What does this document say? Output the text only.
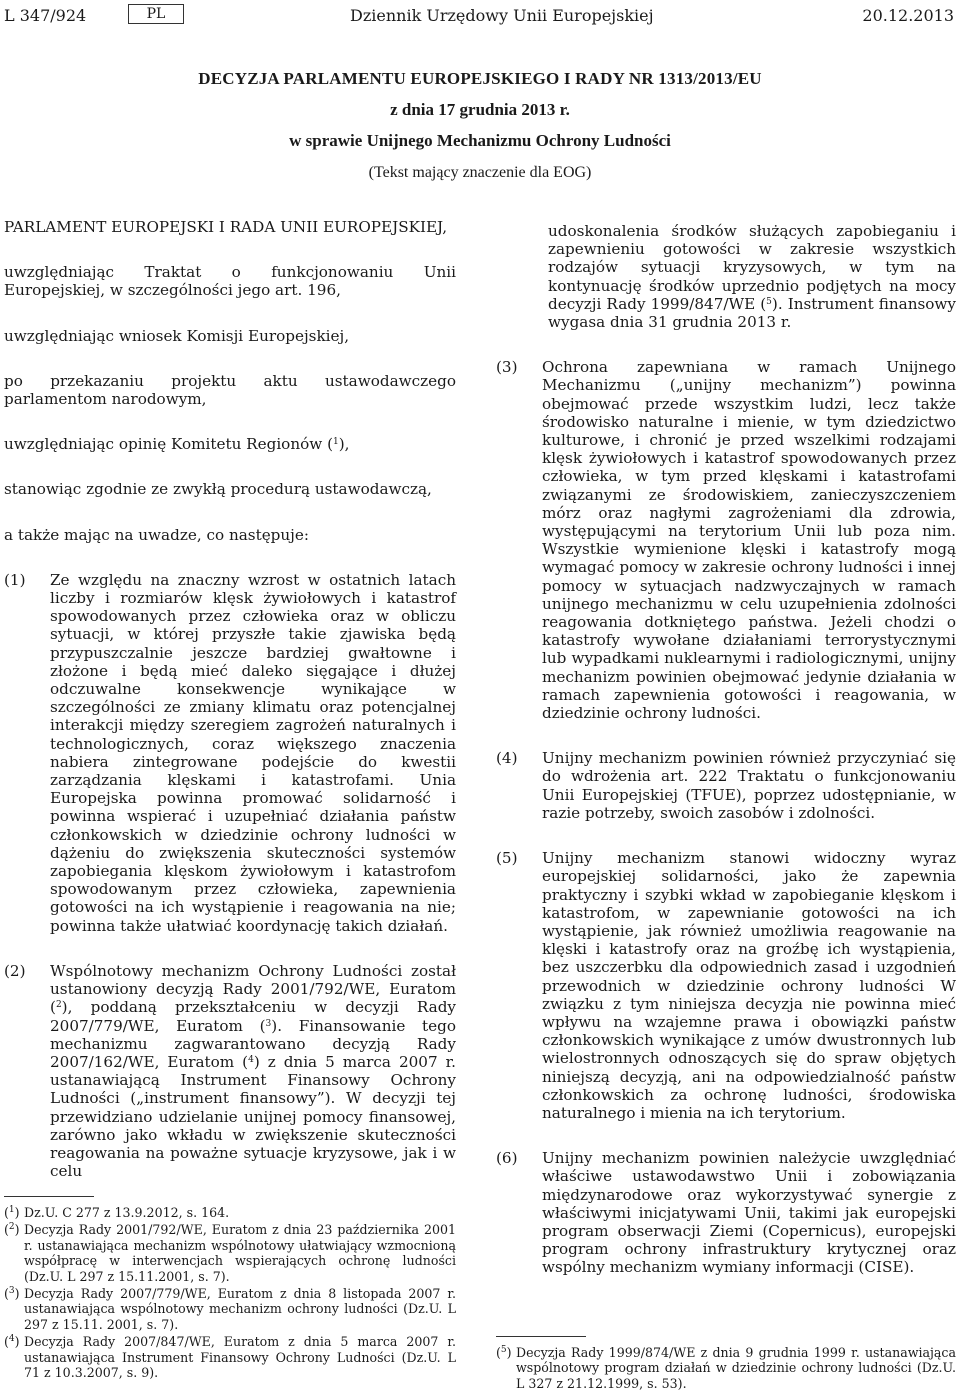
L 347/924	PL	Dziennik Urzędowy Unii Europejskiej	20.12.2013
DECYZJA PARLAMENTU EUROPEJSKIEGO I RADY NR 1313/2013/EU
z dnia 17 grudnia 2013 r.
w sprawie Unijnego Mechanizmu Ochrony Ludności
(Tekst mający znaczenie dla EOG)

PARLAMENT EUROPEJSKI I RADA UNII EUROPEJSKIEJ,

uwzględniając Traktat o funkcjonowaniu Unii Europejskiej, w szczególności jego art. 196,

uwzględniając wniosek Komisji Europejskiej,

po przekazaniu projektu aktu ustawodawczego parlamentom narodowym,

uwzględniając opinię Komitetu Regionów ($^1$),

stanowiąc zgodnie ze zwykłą procedurą ustawodawczą,

a także mając na uwadze, co następuje:

(1)	Ze względu na znaczny wzrost w ostatnich latach liczby i rozmiarów klęsk żywiołowych i katastrof spowodowanych przez człowieka oraz w obliczu sytuacji, w której przyszłe takie zjawiska będą przypuszczalnie jeszcze bardziej gwałtowne i złożone i będą mieć daleko sięgające i dłużej odczuwalne konsekwencje wynikające w szczególności ze zmiany klimatu oraz potencjalnej interakcji między szeregiem zagrożeń naturalnych i technologicznych, coraz większego znaczenia nabiera zintegrowane podejście do kwestii zarządzania klęskami i katastrofami. Unia Europejska powinna promować solidarność i powinna wspierać i uzupełniać działania państw członkowskich w dziedzinie ochrony ludności w dążeniu do zwiększenia skuteczności systemów zapobiegania klęskom żywiołowym i katastrofom spowodowanym przez człowieka, zapewnienia gotowości na ich wystąpienie i reagowania na nie; powinna także ułatwiać koordynację takich działań.
(2)	Wspólnotowy mechanizm Ochrony Ludności został ustanowiony decyzją Rady 2001/792/WE, Euratom ($^2$), poddaną przekształceniu w decyzji Rady 2007/779/WE, Euratom ($^3$). Finansowanie tego mechanizmu zagwarantowano decyzją Rady 2007/162/WE, Euratom ($^4$) z dnia 5 marca 2007 r. ustanawiającą Instrument Finansowy Ochrony Ludności („instrument finansowy”). W decyzji tej przewidziano udzielanie unijnej pomocy finansowej, zarówno jako wkładu w zwiększenie skuteczności reagowania na poważne sytuacje kryzysowe, jak i w celu
($^1$) Dz.U. C 277 z 13.9.2012, s. 164.
($^2$) Decyzja Rady 2001/792/WE, Euratom z dnia 23 października 2001 r. ustanawiająca mechanizm wspólnotowy ułatwiający wzmocnioną współpracę w interwencjach wspierających ochronę ludności (Dz.U. L 297 z 15.11.2001, s. 7).
($^3$) Decyzja Rady 2007/779/WE, Euratom z dnia 8 listopada 2007 r. ustanawiająca wspólnotowy mechanizm ochrony ludności (Dz.U. L 297 z 15.11. 2001, s. 7).
($^4$) Decyzja Rady 2007/847/WE, Euratom z dnia 5 marca 2007 r. ustanawiająca Instrument Finansowy Ochrony Ludności (Dz.U. L 71 z 10.3.2007, s. 9).
udoskonalenia środków służących zapobieganiu i zapewnieniu gotowości w zakresie wszystkich rodzajów sytuacji kryzysowych, w tym na kontynuację środków uprzednio podjętych na mocy decyzji Rady 1999/847/WE ($^5$). Instrument finansowy wygasa dnia 31 grudnia 2013 r.
(3)	Ochrona zapewniana w ramach Unijnego Mechanizmu („unijny mechanizm”) powinna obejmować przede wszystkim ludzi, lecz także środowisko naturalne i mienie, w tym dziedzictwo kulturowe, i chronić je przed wszelkimi rodzajami klęsk żywiołowych i katastrof spowodowanych przez człowieka, w tym przed klęskami i katastrofami związanymi ze środowiskiem, zanieczyszczeniem mórz oraz nagłymi zagrożeniami dla zdrowia, występującymi na terytorium Unii lub poza nim. Wszystkie wymienione klęski i katastrofy mogą wymagać pomocy w zakresie ochrony ludności i innej pomocy w sytuacjach nadzwyczajnych w ramach unijnego mechanizmu w celu uzupełnienia zdolności reagowania dotkniętego państwa. Jeżeli chodzi o katastrofy wywołane działaniami terrorystycznymi lub wypadkami nuklearnymi i radiologicznymi, unijny mechanizm powinien obejmować jedynie działania w ramach zapewnienia gotowości i reagowania, w dziedzinie ochrony ludności.
(4)	Unijny mechanizm powinien również przyczyniać się do wdrożenia art. 222 Traktatu o funkcjonowaniu Unii Europejskiej (TFUE), poprzez udostępnianie, w razie potrzeby, swoich zasobów i zdolności.
(5)	Unijny mechanizm stanowi widoczny wyraz europejskiej solidarności, jako że zapewnia praktyczny i szybki wkład w zapobieganie klęskom i katastrofom, w zapewnianie gotowości na ich wystąpienie, jak również umożliwia reagowanie na klęski i katastrofy oraz na groźbę ich wystąpienia, bez uszczerbku dla odpowiednich zasad i uzgodnień przewodnich w dziedzinie ochrony ludności W związku z tym niniejsza decyzja nie powinna mieć wpływu na wzajemne prawa i obowiązki państw członkowskich wynikające z umów dwustronnych lub wielostronnych odnoszących się do spraw objętych niniejszą decyzją, ani na odpowiedzialność państw członkowskich za ochronę ludności, środowiska naturalnego i mienia na ich terytorium.
(6)	Unijny mechanizm powinien należycie uwzględniać właściwe ustawodawstwo Unii i zobowiązania międzynarodowe oraz wykorzystywać synergie z właściwymi inicjatywami Unii, takimi jak europejski program obserwacji Ziemi (Copernicus), europejski program ochrony infrastruktury krytycznej oraz wspólny mechanizm wymiany informacji (CISE).
($^5$) Decyzja Rady 1999/874/WE z dnia 9 grudnia 1999 r. ustanawiająca wspólnotowy program działań w dziedzinie ochrony ludności (Dz.U. L 327 z 21.12.1999, s. 53).
